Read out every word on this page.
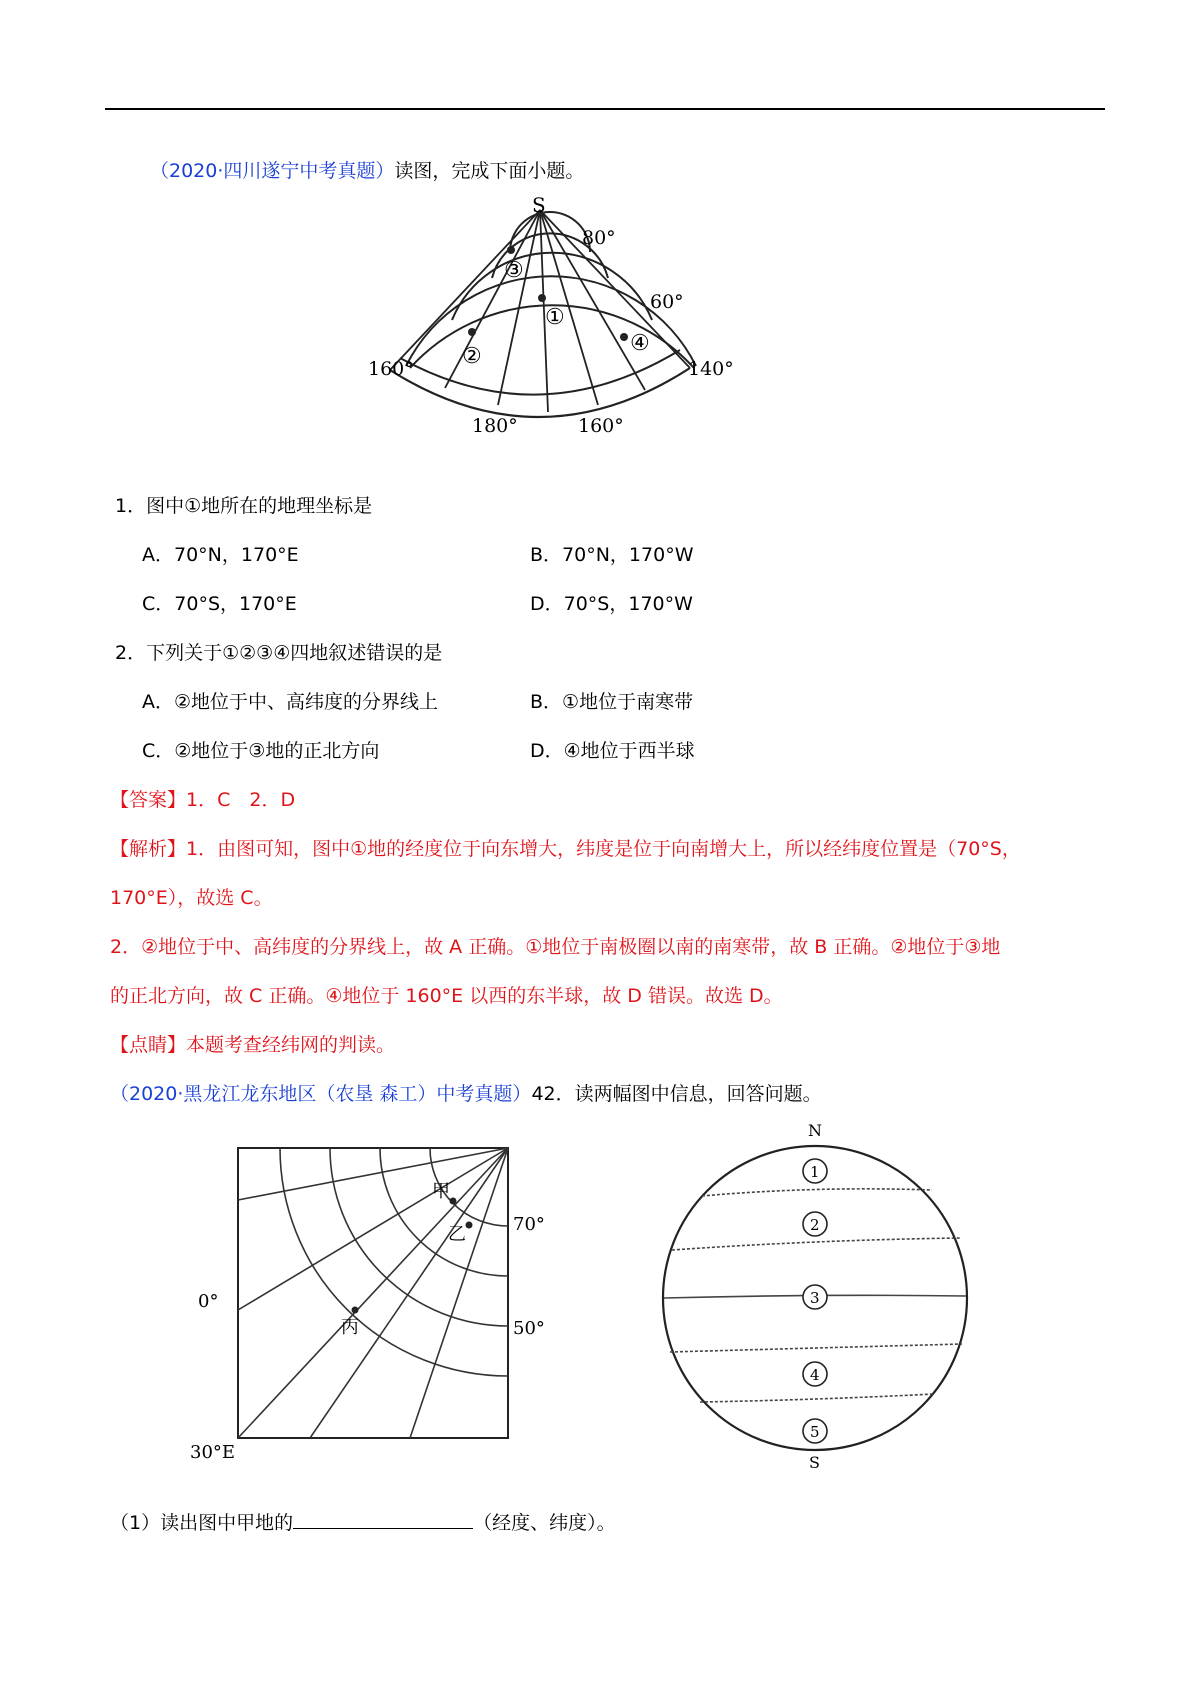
（2020·四川遂宁中考真题）读图，完成下面小题。
S
80°
60°
160°	140°
180°	160°
③
①
②
④
1．图中①地所在的地理坐标是
A．70°N，170°E	B．70°N，170°W
C．70°S，170°E	D．70°S，170°W
2．下列关于①②③④四地叙述错误的是
A．②地位于中、高纬度的分界线上	B．①地位于南寒带
C．②地位于③地的正北方向	D．④地位于西半球
【答案】1．C　2．D
【解析】1．由图可知，图中①地的经度位于向东增大，纬度是位于向南增大上，所以经纬度位置是（70°S，
170°E），故选 C。
2．②地位于中、高纬度的分界线上，故 A 正确。①地位于南极圈以南的南寒带，故 B 正确。②地位于③地
的正北方向，故 C 正确。④地位于 160°E 以西的东半球，故 D 错误。故选 D。
【点睛】本题考查经纬网的判读。
（2020·黑龙江龙东地区（农垦 森工）中考真题）42．读两幅图中信息，回答问题。
甲
乙
丙
70°
0°
50°
30°E
N
S
1
2
3
4
5
（1）读出图中甲地的	（经度、纬度）。
